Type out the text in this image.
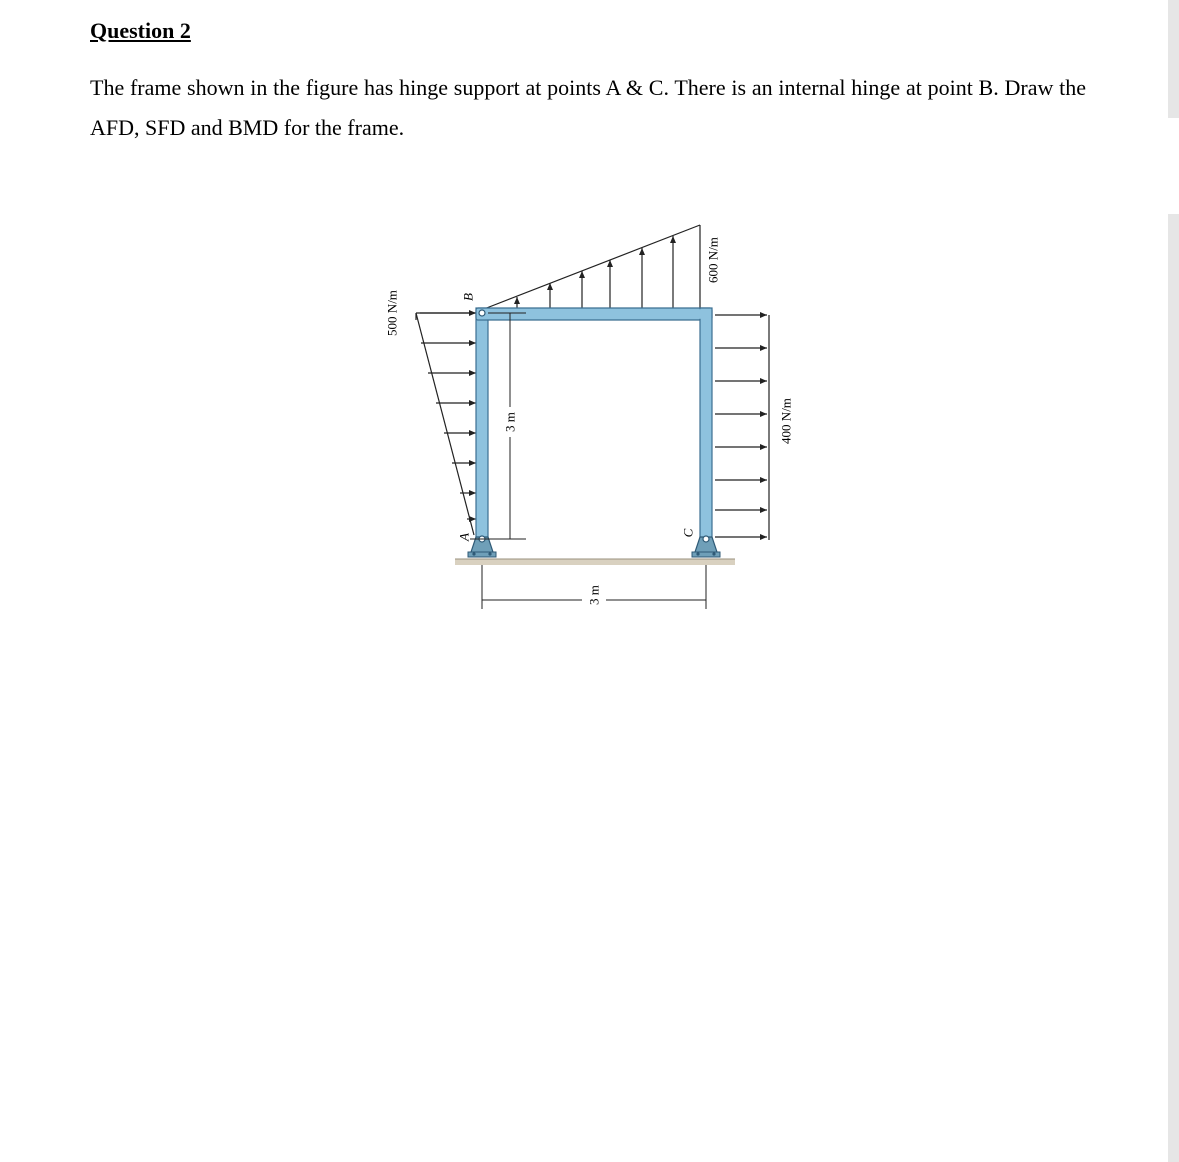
Question 2
The frame shown in the figure has hinge support at points A & C. There is an internal hinge at point B. Draw the AFD, SFD and BMD for the frame.
3 m
3 m
500 N/m
600 N/m
400 N/m
B
A	C
